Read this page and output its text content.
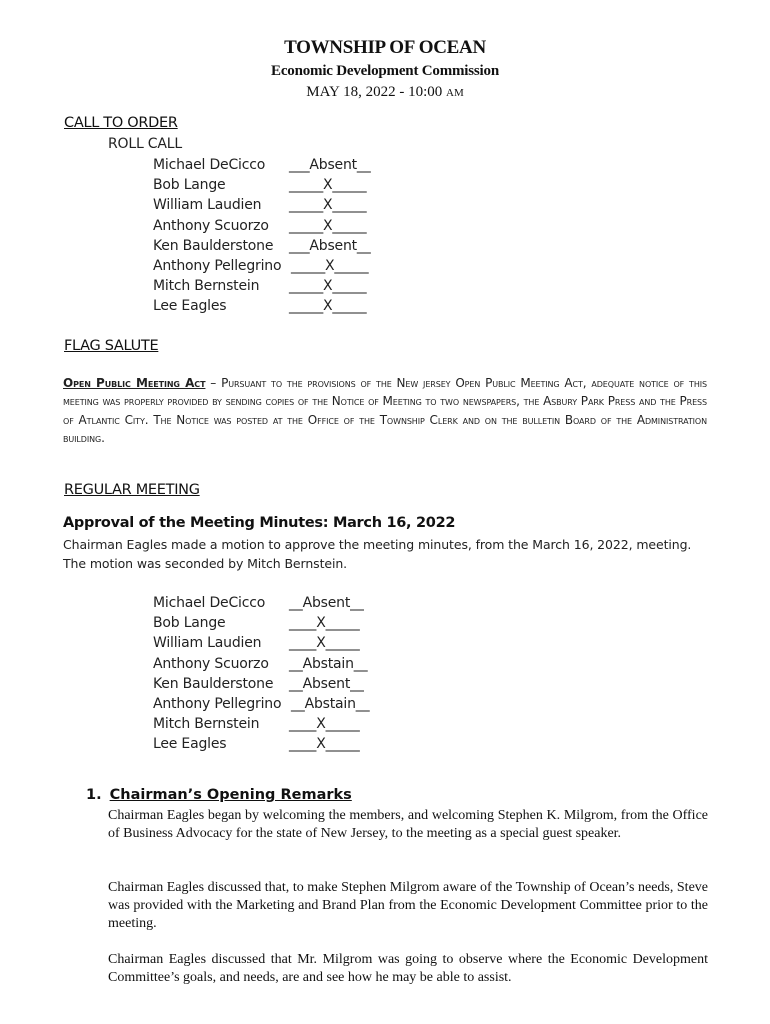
TOWNSHIP OF OCEAN
Economic Development Commission
MAY 18, 2022 - 10:00 AM
CALL TO ORDER
ROLL CALL
Michael DeCicco ___Absent__
Bob Lange	_____X_____
William Laudien _____X_____
Anthony Scuorzo _____X_____
Ken Baulderstone ___Absent__
Anthony Pellegrino _____X_____
Mitch Bernstein _____X_____
Lee Eagles	_____X_____
FLAG SALUTE
Open Public Meeting Act – Pursuant to the provisions of the New jersey Open Public Meeting Act, adequate notice of this meeting was properly provided by sending copies of the Notice of Meeting to two newspapers, the Asbury Park Press and the Press of Atlantic City. The Notice was posted at the Office of the Township Clerk and on the bulletin Board of the Administration building.
REGULAR MEETING
Approval of the Meeting Minutes: March 16, 2022
Chairman Eagles made a motion to approve the meeting minutes, from the March 16, 2022, meeting. The motion was seconded by Mitch Bernstein.
Michael DeCicco __Absent__
Bob Lange	____X_____
William Laudien ____X_____
Anthony Scuorzo __Abstain__
Ken Baulderstone __Absent__
Anthony Pellegrino __Abstain__
Mitch Bernstein ____X_____
Lee Eagles	____X_____
1. Chairman’s Opening Remarks
Chairman Eagles began by welcoming the members, and welcoming Stephen K. Milgrom, from the Office of Business Advocacy for the state of New Jersey, to the meeting as a special guest speaker.
Chairman Eagles discussed that, to make Stephen Milgrom aware of the Township of Ocean’s needs, Steve was provided with the Marketing and Brand Plan from the Economic Development Committee prior to the meeting.
Chairman Eagles discussed that Mr. Milgrom was going to observe where the Economic Development Committee’s goals, and needs, are and see how he may be able to assist.
